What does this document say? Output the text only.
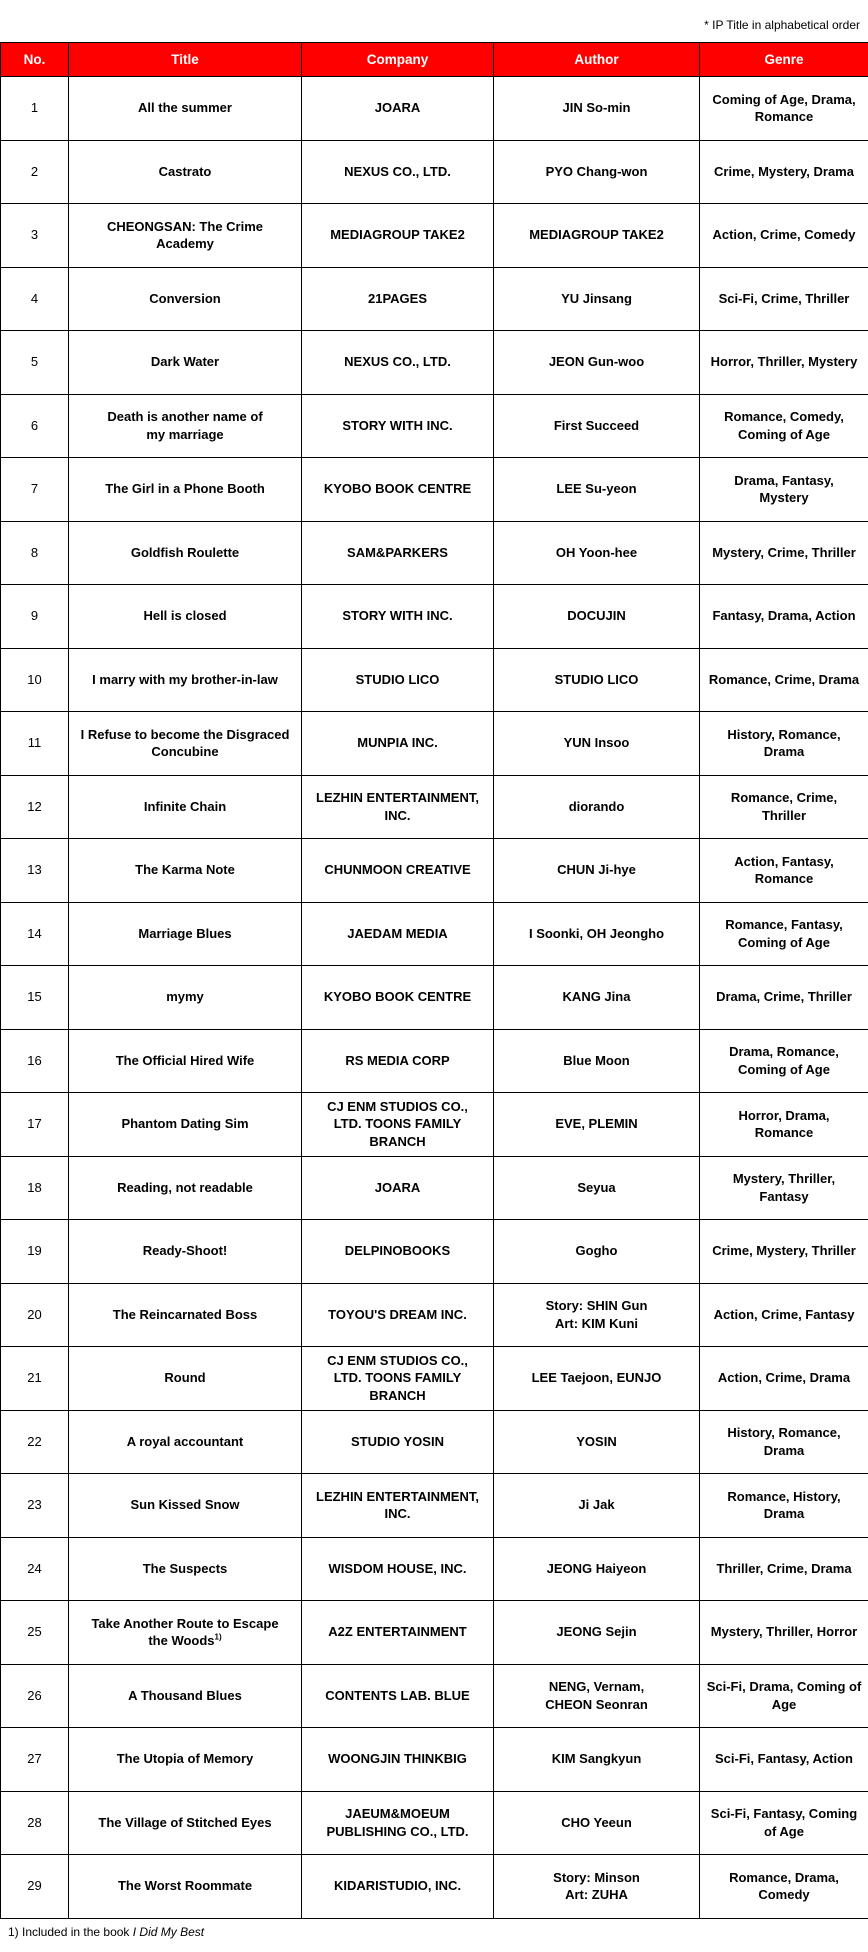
* IP Title in alphabetical order
No.	Title	Company	Author	Genre
1	All the summer	JOARA	JIN So-min	Coming of Age, Drama,
Romance
2	Castrato	NEXUS CO., LTD.	PYO Chang-won	Crime, Mystery, Drama
3	CHEONGSAN: The Crime
Academy	MEDIAGROUP TAKE2	MEDIAGROUP TAKE2	Action, Crime, Comedy
4	Conversion	21PAGES	YU Jinsang	Sci-Fi, Crime, Thriller
5	Dark Water	NEXUS CO., LTD.	JEON Gun-woo	Horror, Thriller, Mystery
6	Death is another name of
my marriage	STORY WITH INC.	First Succeed	Romance, Comedy,
Coming of Age
7	The Girl in a Phone Booth	KYOBO BOOK CENTRE	LEE Su-yeon	Drama, Fantasy,
Mystery
8	Goldfish Roulette	SAM&PARKERS	OH Yoon-hee	Mystery, Crime, Thriller
9	Hell is closed	STORY WITH INC.	DOCUJIN	Fantasy, Drama, Action
10	I marry with my brother-in-law	STUDIO LICO	STUDIO LICO	Romance, Crime, Drama
11	I Refuse to become the Disgraced
Concubine	MUNPIA INC.	YUN Insoo	History, Romance,
Drama
12	Infinite Chain	LEZHIN ENTERTAINMENT,
INC.	diorando	Romance, Crime,
Thriller
13	The Karma Note	CHUNMOON CREATIVE	CHUN Ji-hye	Action, Fantasy,
Romance
14	Marriage Blues	JAEDAM MEDIA	I Soonki, OH Jeongho	Romance, Fantasy,
Coming of Age
15	mymy	KYOBO BOOK CENTRE	KANG Jina	Drama, Crime, Thriller
16	The Official Hired Wife	RS MEDIA CORP	Blue Moon	Drama, Romance,
Coming of Age
17	Phantom Dating Sim	CJ ENM STUDIOS CO.,
LTD. TOONS FAMILY
BRANCH	EVE, PLEMIN	Horror, Drama,
Romance
18	Reading, not readable	JOARA	Seyua	Mystery, Thriller,
Fantasy
19	Ready-Shoot!	DELPINOBOOKS	Gogho	Crime, Mystery, Thriller
20	The Reincarnated Boss	TOYOU'S DREAM INC.	Story: SHIN Gun
Art: KIM Kuni	Action, Crime, Fantasy
21	Round	CJ ENM STUDIOS CO.,
LTD. TOONS FAMILY
BRANCH	LEE Taejoon, EUNJO	Action, Crime, Drama
22	A royal accountant	STUDIO YOSIN	YOSIN	History, Romance,
Drama
23	Sun Kissed Snow	LEZHIN ENTERTAINMENT,
INC.	Ji Jak	Romance, History,
Drama
24	The Suspects	WISDOM HOUSE, INC.	JEONG Haiyeon	Thriller, Crime, Drama
25	Take Another Route to Escape
the Woods$^{1)}$	A2Z ENTERTAINMENT	JEONG Sejin	Mystery, Thriller, Horror
26	A Thousand Blues	CONTENTS LAB. BLUE	NENG, Vernam,
CHEON Seonran	Sci-Fi, Drama, Coming of
Age
27	The Utopia of Memory	WOONGJIN THINKBIG	KIM Sangkyun	Sci-Fi, Fantasy, Action
28	The Village of Stitched Eyes	JAEUM&MOEUM
PUBLISHING CO., LTD.	CHO Yeeun	Sci-Fi, Fantasy, Coming
of Age
29	The Worst Roommate	KIDARISTUDIO, INC.	Story: Minson
Art: ZUHA	Romance, Drama,
Comedy
1) Included in the book I Did My Best
